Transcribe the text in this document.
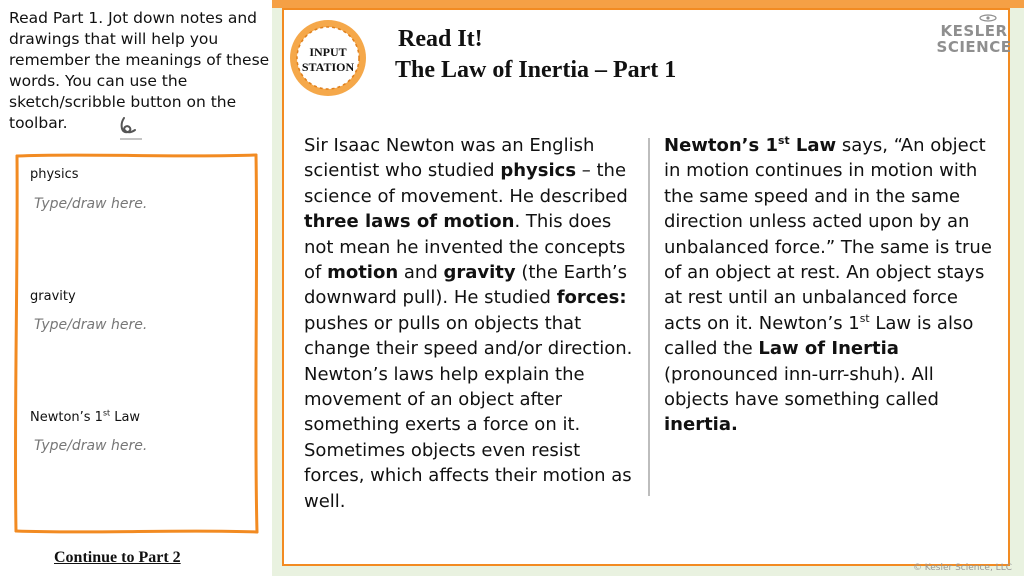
Read Part 1. Jot down notes and drawings that will help you remember the meanings of these words. You can use the sketch/scribble button on the toolbar.

physics
Type/draw here.
gravity
Type/draw here.
Newton’s 1st Law
Type/draw here.
Continue to Part 2
INPUT
STATION
Read It!
The Law of Inertia – Part 1
KESLER
SCIENCE
Sir Isaac Newton was an English scientist who studied physics – the science of movement. He described three laws of motion. This does not mean he invented the concepts of motion and gravity (the Earth’s downward pull). He studied forces: pushes or pulls on objects that change their speed and/or direction. Newton’s laws help explain the movement of an object after something exerts a force on it. Sometimes objects even resist forces, which affects their motion as well.
Newton’s 1st Law says, “An object in motion continues in motion with the same speed and in the same direction unless acted upon by an unbalanced force.” The same is true of an object at rest. An object stays at rest until an unbalanced force acts on it. Newton’s 1st Law is also called the Law of Inertia (pronounced inn-urr-shuh). All objects have something called inertia.
© Kesler Science, LLC
